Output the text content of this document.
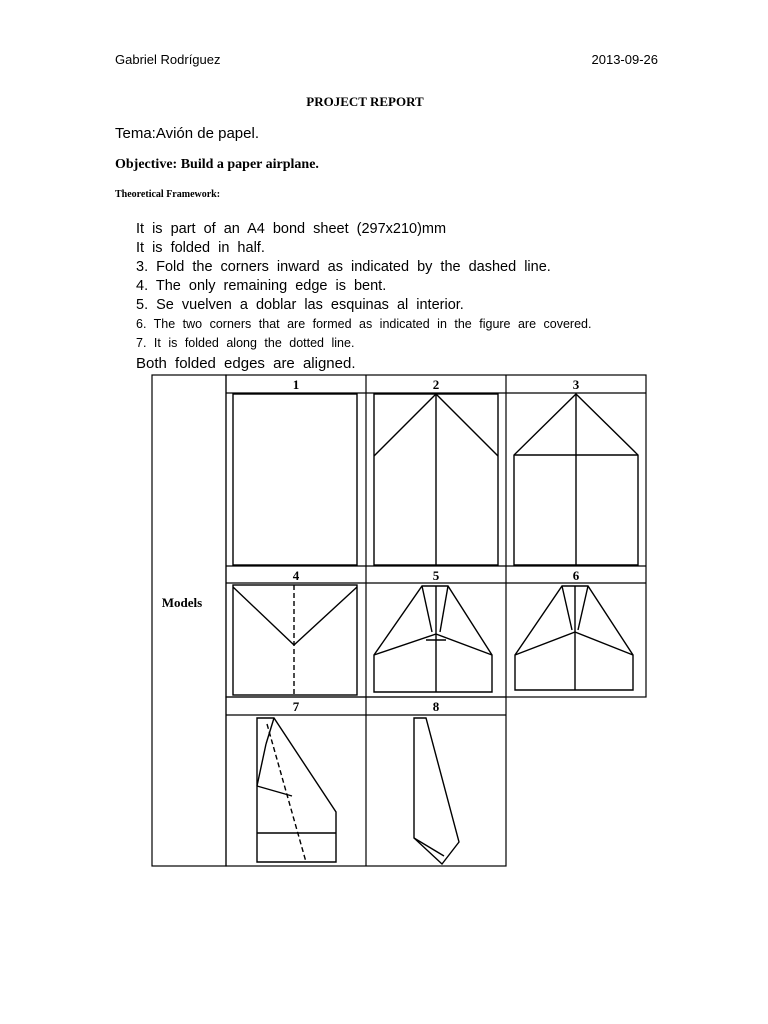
Gabriel Rodríguez	2013-09-26
PROJECT REPORT
Tema:Avión de papel.
Objective: Build a paper airplane.
Theoretical Framework:
It is part of an A4 bond sheet (297x210)mm
It is folded in half.
3. Fold the corners inward as indicated by the dashed line.
4. The only remaining edge is bent.
5. Se vuelven a doblar las esquinas al interior.
6. The two corners that are formed as indicated in the figure are covered.
7. It is folded along the dotted line.
Both folded edges are aligned.
Models
1	2	3
4	5	6
7	8
